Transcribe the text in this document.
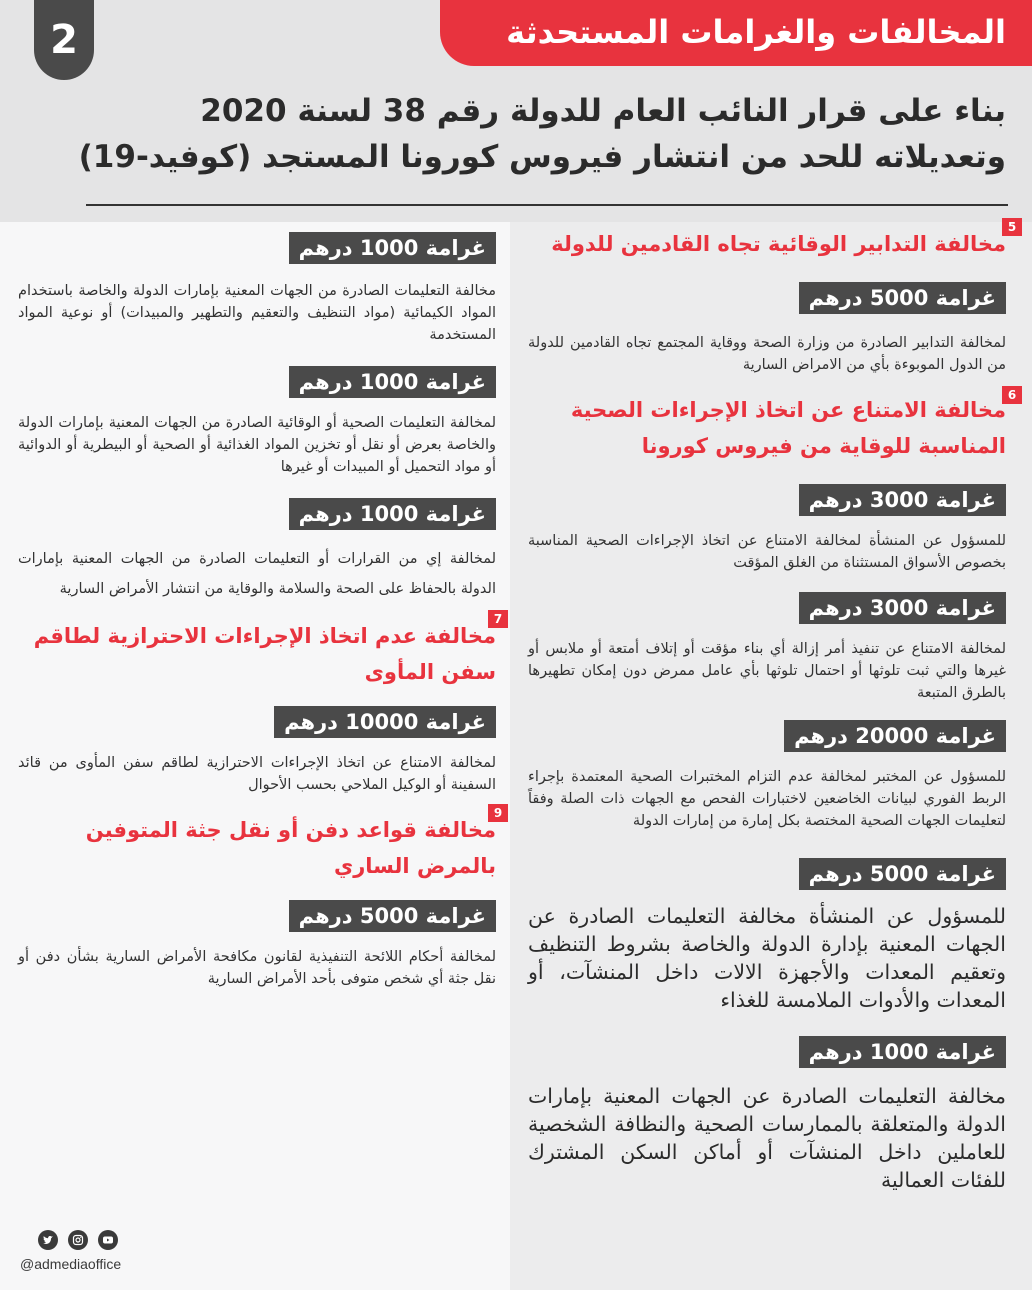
2	المخالفات والغرامات المستحدثة
بناء على قرار النائب العام للدولة رقم 38 لسنة 2020
وتعديلاته للحد من انتشار فيروس كورونا المستجد (كوفيد-19)
5
مخالفة التدابير الوقائية تجاه القادمين للدولة
غرامة 5000 درهم
لمخالفة التدابير الصادرة من وزارة الصحة ووقاية المجتمع تجاه القادمين للدولة من الدول الموبوءة بأي من الامراض السارية
6
مخالفة الامتناع عن اتخاذ الإجراءات الصحية المناسبة للوقاية من فيروس كورونا
غرامة 3000 درهم
للمسؤول عن المنشأة لمخالفة الامتناع عن اتخاذ الإجراءات الصحية المناسبة بخصوص الأسواق المستثناة من الغلق المؤقت
غرامة 3000 درهم
لمخالفة الامتناع عن تنفيذ أمر إزالة أي بناء مؤقت أو إتلاف أمتعة أو ملابس أو غيرها والتي ثبت تلوثها أو احتمال تلوثها بأي عامل ممرض دون إمكان تطهيرها بالطرق المتبعة
غرامة 20000 درهم
للمسؤول عن المختبر لمخالفة عدم التزام المختبرات الصحية المعتمدة بإجراء الربط الفوري لبيانات الخاضعين لاختبارات الفحص مع الجهات ذات الصلة وفقاً لتعليمات الجهات الصحية المختصة بكل إمارة من إمارات الدولة
غرامة 5000 درهم
للمسؤول عن المنشأة مخالفة التعليمات الصادرة عن الجهات المعنية بإدارة الدولة والخاصة بشروط التنظيف وتعقيم المعدات والأجهزة الالات داخل المنشآت، أو المعدات والأدوات الملامسة للغذاء
غرامة 1000 درهم
مخالفة التعليمات الصادرة عن الجهات المعنية بإمارات الدولة والمتعلقة بالممارسات الصحية والنظافة الشخصية للعاملين داخل المنشآت أو أماكن السكن المشترك للفئات العمالية
غرامة 1000 درهم
مخالفة التعليمات الصادرة من الجهات المعنية بإمارات الدولة والخاصة باستخدام المواد الكيمائية (مواد التنظيف والتعقيم والتطهير والمبيدات) أو نوعية المواد المستخدمة
غرامة 1000 درهم
لمخالفة التعليمات الصحية أو الوقائية الصادرة من الجهات المعنية بإمارات الدولة والخاصة بعرض أو نقل أو تخزين المواد الغذائية أو الصحية أو البيطرية أو الدوائية أو مواد التحميل أو المبيدات أو غيرها
غرامة 1000 درهم
لمخالفة إي من القرارات أو التعليمات الصادرة من الجهات المعنية بإمارات الدولة بالحفاظ على الصحة والسلامة والوقاية من انتشار الأمراض السارية
7
مخالفة عدم اتخاذ الإجراءات الاحترازية لطاقم سفن المأوى
غرامة 10000 درهم
لمخالفة الامتناع عن اتخاذ الإجراءات الاحترازية لطاقم سفن المأوى من قائد السفينة أو الوكيل الملاحي بحسب الأحوال
9
مخالفة قواعد دفن أو نقل جثة المتوفين بالمرض الساري
غرامة 5000 درهم
لمخالفة أحكام اللائحة التنفيذية لقانون مكافحة الأمراض السارية بشأن دفن أو نقل جثة أي شخص متوفى بأحد الأمراض السارية
@admediaoffice
